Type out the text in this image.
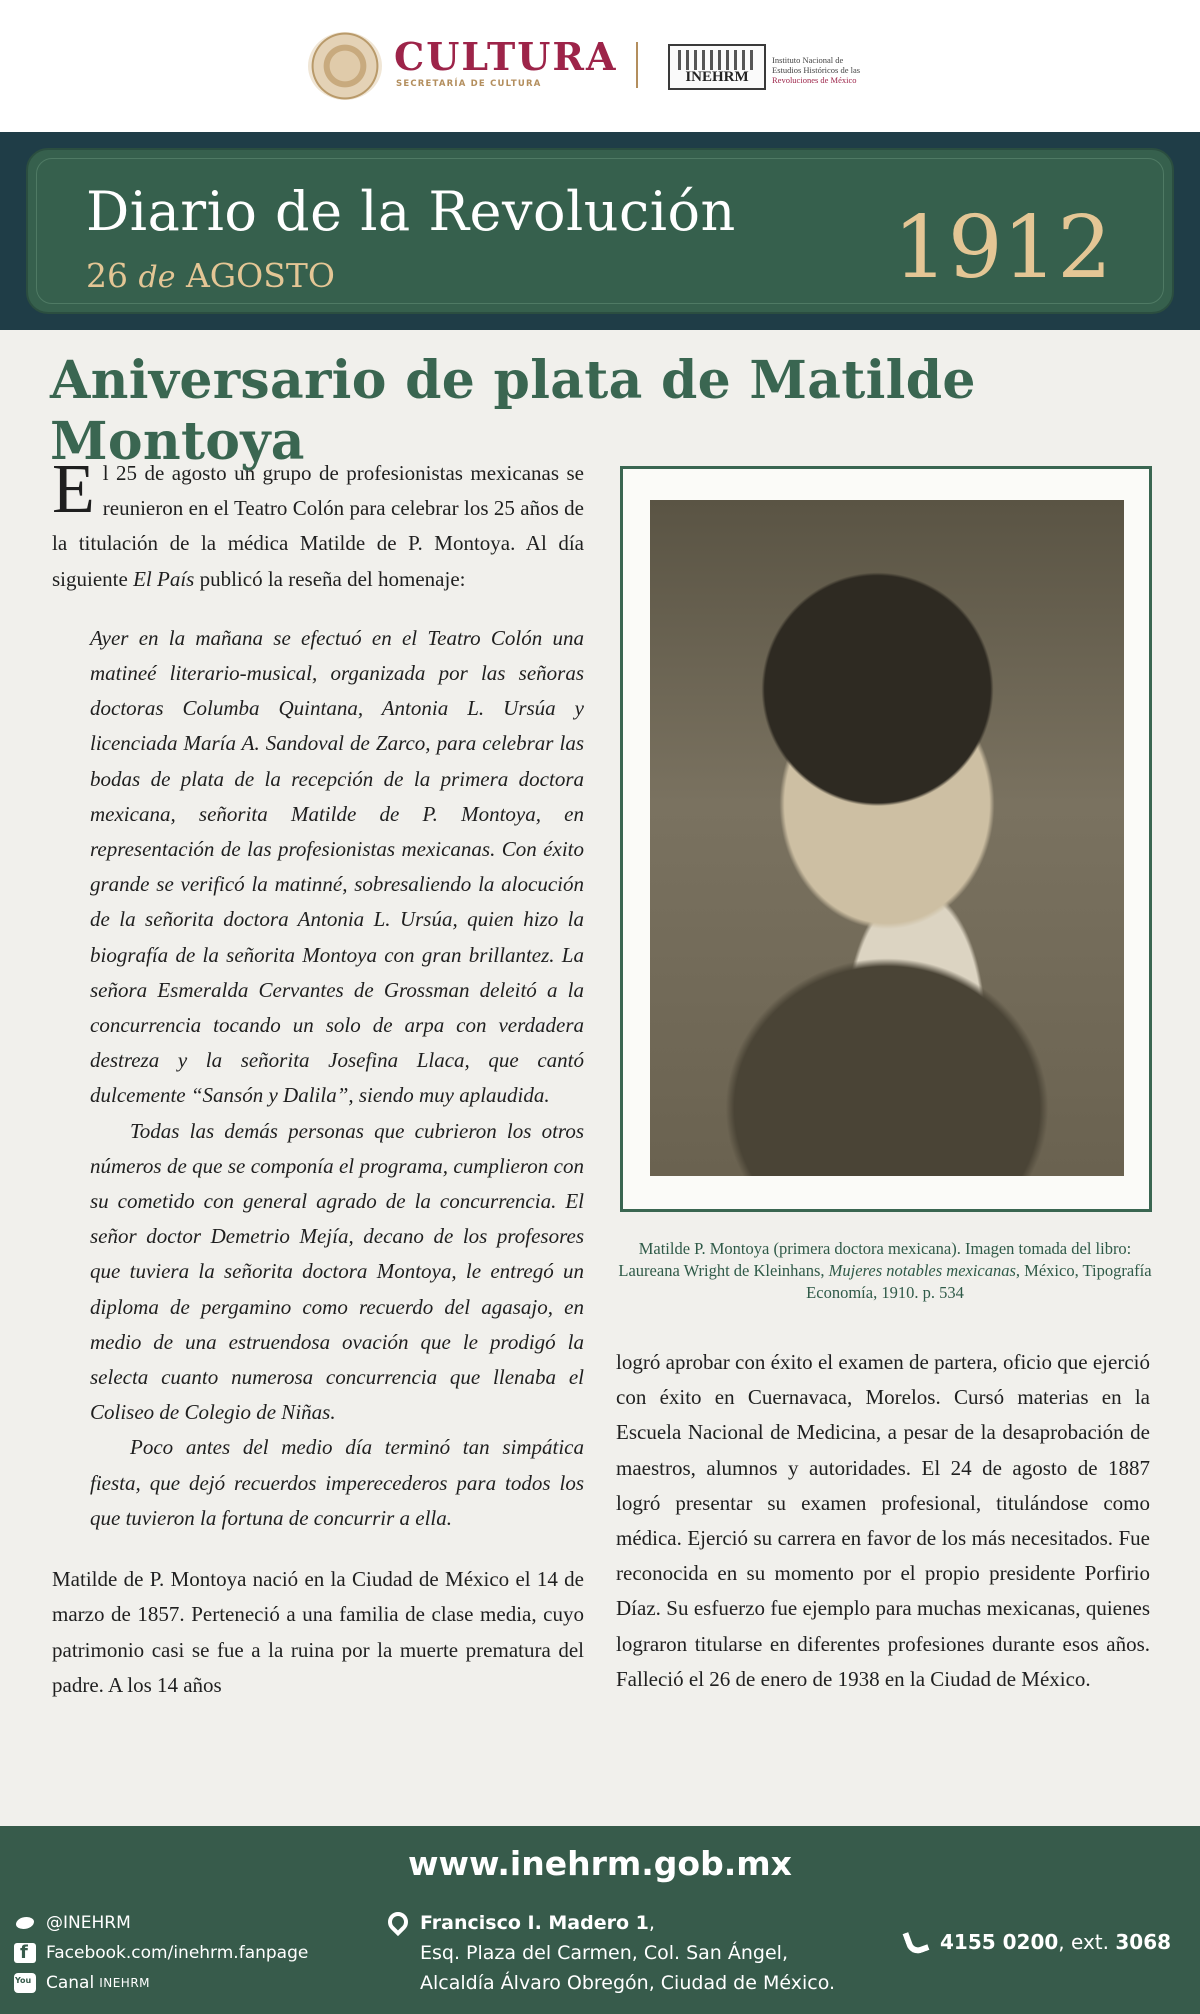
CULTURA
SECRETARÍA DE CULTURA	INEHRM
Instituto Nacional de
Estudios Históricos de las
Revoluciones de México
Diario de la Revolución
26 de AGOSTO	1912
Aniversario de plata de Matilde Montoya

El 25 de agosto un grupo de profesionistas mexicanas se reunieron en el Teatro Colón para celebrar los 25 años de la titulación de la médica Matilde de P. Montoya. Al día siguiente El País publicó la reseña del homenaje:

Ayer en la mañana se efectuó en el Teatro Colón una matineé literario-musical, organizada por las señoras doctoras Columba Quintana, Antonia L. Ursúa y licenciada María A. Sandoval de Zarco, para celebrar las bodas de plata de la recepción de la primera doctora mexicana, señorita Matilde de P. Montoya, en representación de las profesionistas mexicanas. Con éxito grande se verificó la matinné, sobresaliendo la alocución de la señorita doctora Antonia L. Ursúa, quien hizo la biografía de la señorita Montoya con gran brillantez. La señora Esmeralda Cervantes de Grossman deleitó a la concurrencia tocando un solo de arpa con verdadera destreza y la señorita Josefina Llaca, que cantó dulcemente “Sansón y Dalila”, siendo muy aplaudida.

Todas las demás personas que cubrieron los otros números de que se componía el programa, cumplieron con su cometido con general agrado de la concurrencia. El señor doctor Demetrio Mejía, decano de los profesores que tuviera la señorita doctora Montoya, le entregó un diploma de pergamino como recuerdo del agasajo, en medio de una estruendosa ovación que le prodigó la selecta cuanto numerosa concurrencia que llenaba el Coliseo de Colegio de Niñas.

Poco antes del medio día terminó tan simpática fiesta, que dejó recuerdos imperecederos para todos los que tuvieron la fortuna de concurrir a ella.

Matilde de P. Montoya nació en la Ciudad de México el 14 de marzo de 1857. Perteneció a una familia de clase media, cuyo patrimonio casi se fue a la ruina por la muerte prematura del padre. A los 14 años

Matilde P. Montoya (primera doctora mexicana). Imagen tomada del libro: Laureana Wright de Kleinhans, Mujeres notables mexicanas, México, Tipografía Economía, 1910. p. 534

logró aprobar con éxito el examen de partera, oficio que ejerció con éxito en Cuernavaca, Morelos. Cursó materias en la Escuela Nacional de Medicina, a pesar de la desaprobación de maestros, alumnos y autoridades. El 24 de agosto de 1887 logró presentar su examen profesional, titulándose como médica. Ejerció su carrera en favor de los más necesitados. Fue reconocida en su momento por el propio presidente Porfirio Díaz. Su esfuerzo fue ejemplo para muchas mexicanas, quienes lograron titularse en diferentes profesiones durante esos años. Falleció el 26 de enero de 1938 en la Ciudad de México.

www.inehrm.gob.mx
@INEHRM
f
Facebook.com/inehrm.fanpage
You
Canal INEHRM
Francisco I. Madero 1,
Esq. Plaza del Carmen, Col. San Ángel,
Alcaldía Álvaro Obregón, Ciudad de México.
4155 0200, ext. 3068
